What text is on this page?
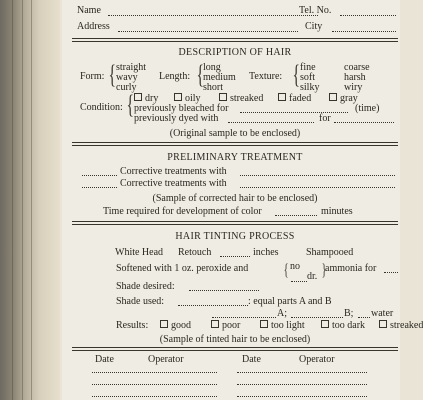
Name	Tel. No.
Address	City
DESCRIPTION OF HAIR
Form: { straight
wavy
curly
Length: { long
medium
short
Texture: { fine
soft
silky
coarse
harsh
wiry
Condition: {	dry	oily	streaked	faded	gray
previously bleached for	(time)
previously dyed with	for
(Original sample to be enclosed)
PRELIMINARY TREATMENT
Corrective treatments with
Corrective treatments with
(Sample of corrected hair to be enclosed)
Time required for development of color	minutes
HAIR TINTING PROCESS
White Head Retouch	inches	Shampooed
Softened with 1 oz. peroxide and { no
dr. }
ammonia for
Shade desired:
Shade used:	: equal parts A and B
A;	B; water
Results:	good	poor	too light	too dark	streaked
(Sample of tinted hair to be enclosed)
Date	Operator	Date	Operator
